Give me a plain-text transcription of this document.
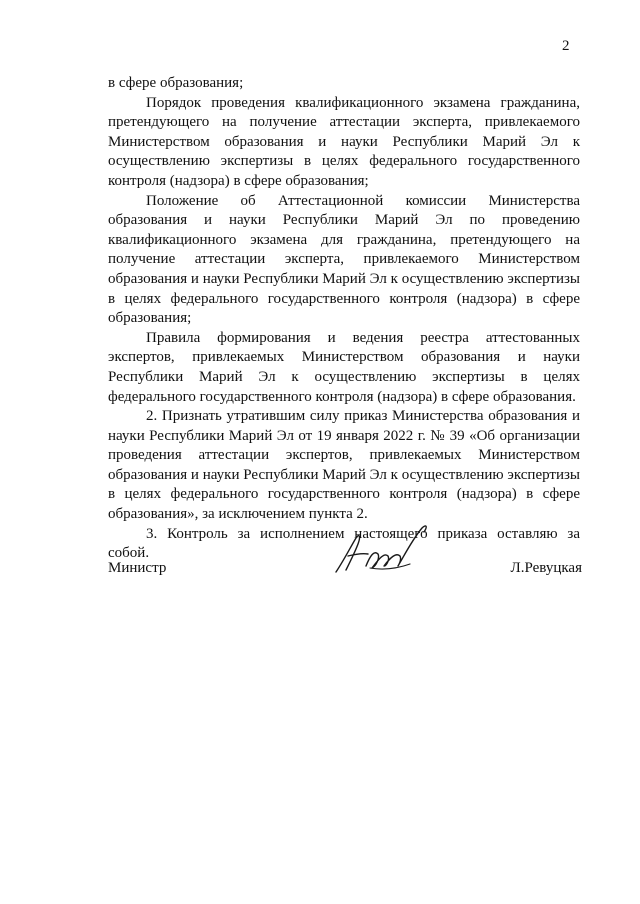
2

в сфере образования;

Порядок проведения квалификационного экзамена гражданина, претендующего на получение аттестации эксперта, привлекаемого Министерством образования и науки Республики Марий Эл к осуществлению экспертизы в целях федерального государственного контроля (надзора) в сфере образования;

Положение об Аттестационной комиссии Министерства образования и науки Республики Марий Эл по проведению квалификационного экзамена для гражданина, претендующего на получение аттестации эксперта, привлекаемого Министерством образования и науки Республики Марий Эл к осуществлению экспертизы в целях федерального государственного контроля (надзора) в сфере образования;

Правила формирования и ведения реестра аттестованных экспертов, привлекаемых Министерством образования и науки Республики Марий Эл к осуществлению экспертизы в целях федерального государственного контроля (надзора) в сфере образования.

2. Признать утратившим силу приказ Министерства образования и науки Республики Марий Эл от 19 января 2022 г. № 39 «Об организации проведения аттестации экспертов, привлекаемых Министерством образования и науки Республики Марий Эл к осуществлению экспертизы в целях федерального государственного контроля (надзора) в сфере образования», за исключением пункта 2.

3. Контроль за исполнением настоящего приказа оставляю за собой.

Министр	Л.Ревуцкая
